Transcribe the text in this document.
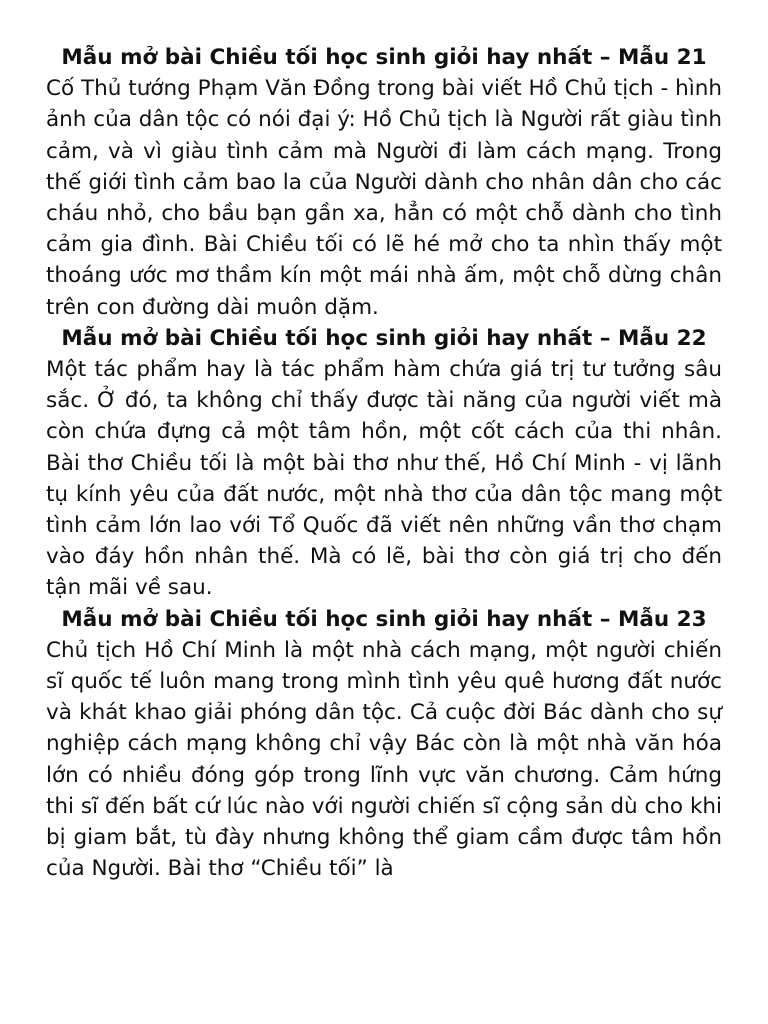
Mẫu mở bài Chiều tối học sinh giỏi hay nhất – Mẫu 21

Cố Thủ tướng Phạm Văn Đồng trong bài viết Hồ Chủ tịch - hình ảnh của dân tộc có nói đại ý: Hồ Chủ tịch là Người rất giàu tình cảm, và vì giàu tình cảm mà Người đi làm cách mạng. Trong thế giới tình cảm bao la của Người dành cho nhân dân cho các cháu nhỏ, cho bầu bạn gần xa, hẳn có một chỗ dành cho tình cảm gia đình. Bài Chiều tối có lẽ hé mở cho ta nhìn thấy một thoáng ước mơ thầm kín một mái nhà ấm, một chỗ dừng chân trên con đường dài muôn dặm.

Mẫu mở bài Chiều tối học sinh giỏi hay nhất – Mẫu 22

Một tác phẩm hay là tác phẩm hàm chứa giá trị tư tưởng sâu sắc. Ở đó, ta không chỉ thấy được tài năng của người viết mà còn chứa đựng cả một tâm hồn, một cốt cách của thi nhân. Bài thơ Chiều tối là một bài thơ như thế, Hồ Chí Minh - vị lãnh tụ kính yêu của đất nước, một nhà thơ của dân tộc mang một tình cảm lớn lao với Tổ Quốc đã viết nên những vần thơ chạm vào đáy hồn nhân thế. Mà có lẽ, bài thơ còn giá trị cho đến tận mãi về sau.

Mẫu mở bài Chiều tối học sinh giỏi hay nhất – Mẫu 23

Chủ tịch Hồ Chí Minh là một nhà cách mạng, một người chiến sĩ quốc tế luôn mang trong mình tình yêu quê hương đất nước và khát khao giải phóng dân tộc. Cả cuộc đời Bác dành cho sự nghiệp cách mạng không chỉ vậy Bác còn là một nhà văn hóa lớn có nhiều đóng góp trong lĩnh vực văn chương. Cảm hứng thi sĩ đến bất cứ lúc nào với người chiến sĩ cộng sản dù cho khi bị giam bắt, tù đày nhưng không thể giam cầm được tâm hồn của Người. Bài thơ “Chiều tối” là
